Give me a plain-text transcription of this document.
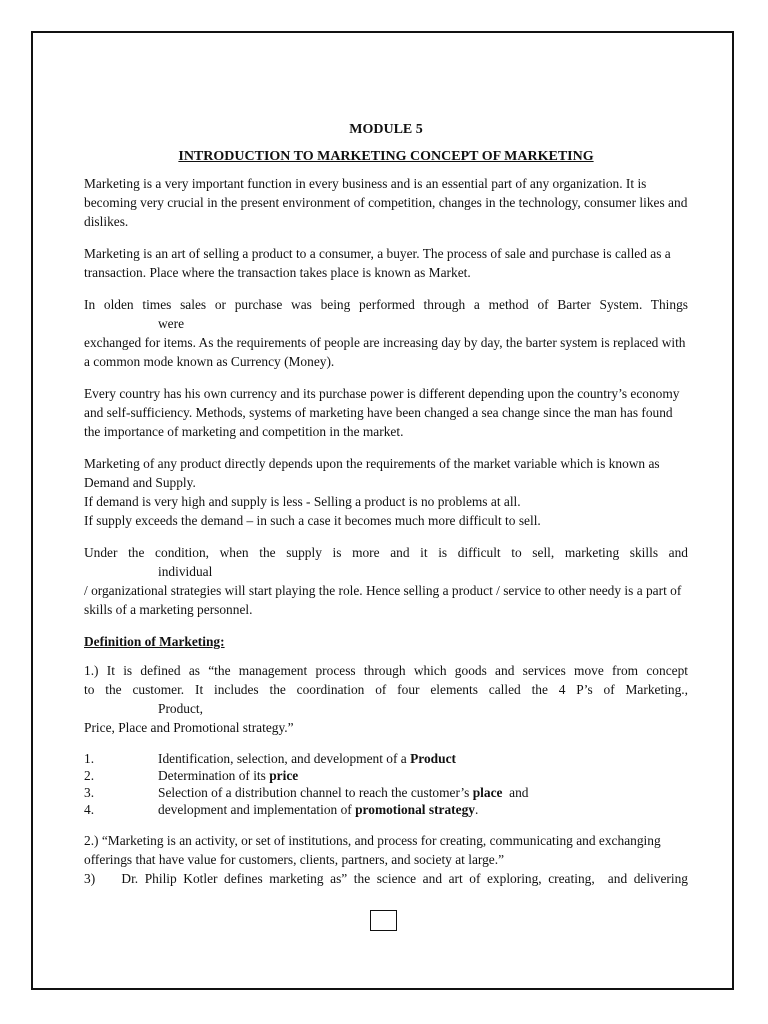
MODULE 5
INTRODUCTION TO MARKETING CONCEPT OF MARKETING

Marketing is a very important function in every business and is an essential part of any organization. It is becoming very crucial in the present environment of competition, changes in the technology, consumer likes and dislikes.

Marketing is an art of selling a product to a consumer, a buyer. The process of sale and purchase is called as a transaction. Place where the transaction takes place is known as Market.

In olden times sales or purchase was being performed through a method of Barter System. Things
were
exchanged for items. As the requirements of people are increasing day by day, the barter system is replaced with a common mode known as Currency (Money).

Every country has his own currency and its purchase power is different depending upon the country’s economy and self-sufficiency. Methods, systems of marketing have been changed a sea change since the man has found the importance of marketing and competition in the market.

Marketing of any product directly depends upon the requirements of the market variable which is known as Demand and Supply.
If demand is very high and supply is less - Selling a product is no problems at all.
If supply exceeds the demand – in such a case it becomes much more difficult to sell.

Under the condition, when the supply is more and it is difficult to sell, marketing skills and
individual
/ organizational strategies will start playing the role. Hence selling a product / service to other needy is a part of skills of a marketing personnel.

Definition of Marketing:

1.) It is defined as “the management process through which goods and services move from concept
to the customer. It includes the coordination of four elements called the 4 P’s of Marketing.,
Product,
Price, Place and Promotional strategy.”

1.	Identification, selection, and development of a Product
2.	Determination of its price
3.	Selection of a distribution channel to reach the customer’s place  and
4.	development and implementation of promotional strategy.

2.) “Marketing is an activity, or set of institutions, and process for creating, communicating and exchanging offerings that have value for customers, clients, partners, and society at large.”

3)    Dr. Philip Kotler defines marketing as” the science and art of exploring, creating,  and delivering
